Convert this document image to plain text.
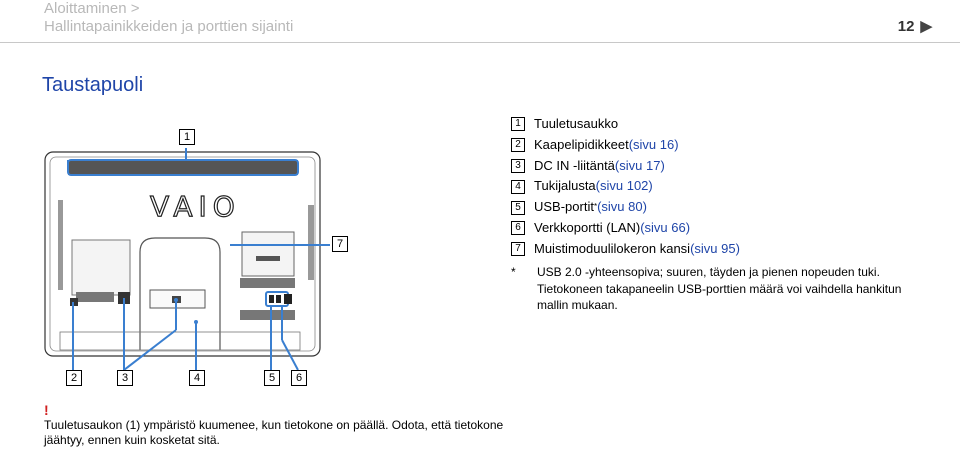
Aloittaminen >
Hallintapainikkeiden ja porttien sijainti	12 ▶
Taustapuoli
VAIO
1
7
2	3	4	5	6
1	Tuuletusaukko
2	Kaapelipidikkeet (sivu 16)
3	DC IN -liitäntä (sivu 17)
4	Tukijalusta (sivu 102)
5	USB-portit * (sivu 80)
6	Verkkoportti (LAN) (sivu 66)
7	Muistimoduulilokeron kansi (sivu 95)
* USB 2.0 -yhteensopiva; suuren, täyden ja pienen nopeuden tuki.
Tietokoneen takapaneelin USB-porttien määrä voi vaihdella hankitun mallin mukaan.
!
Tuuletusaukon (1) ympäristö kuumenee, kun tietokone on päällä. Odota, että tietokone jäähtyy, ennen kuin kosketat sitä.
